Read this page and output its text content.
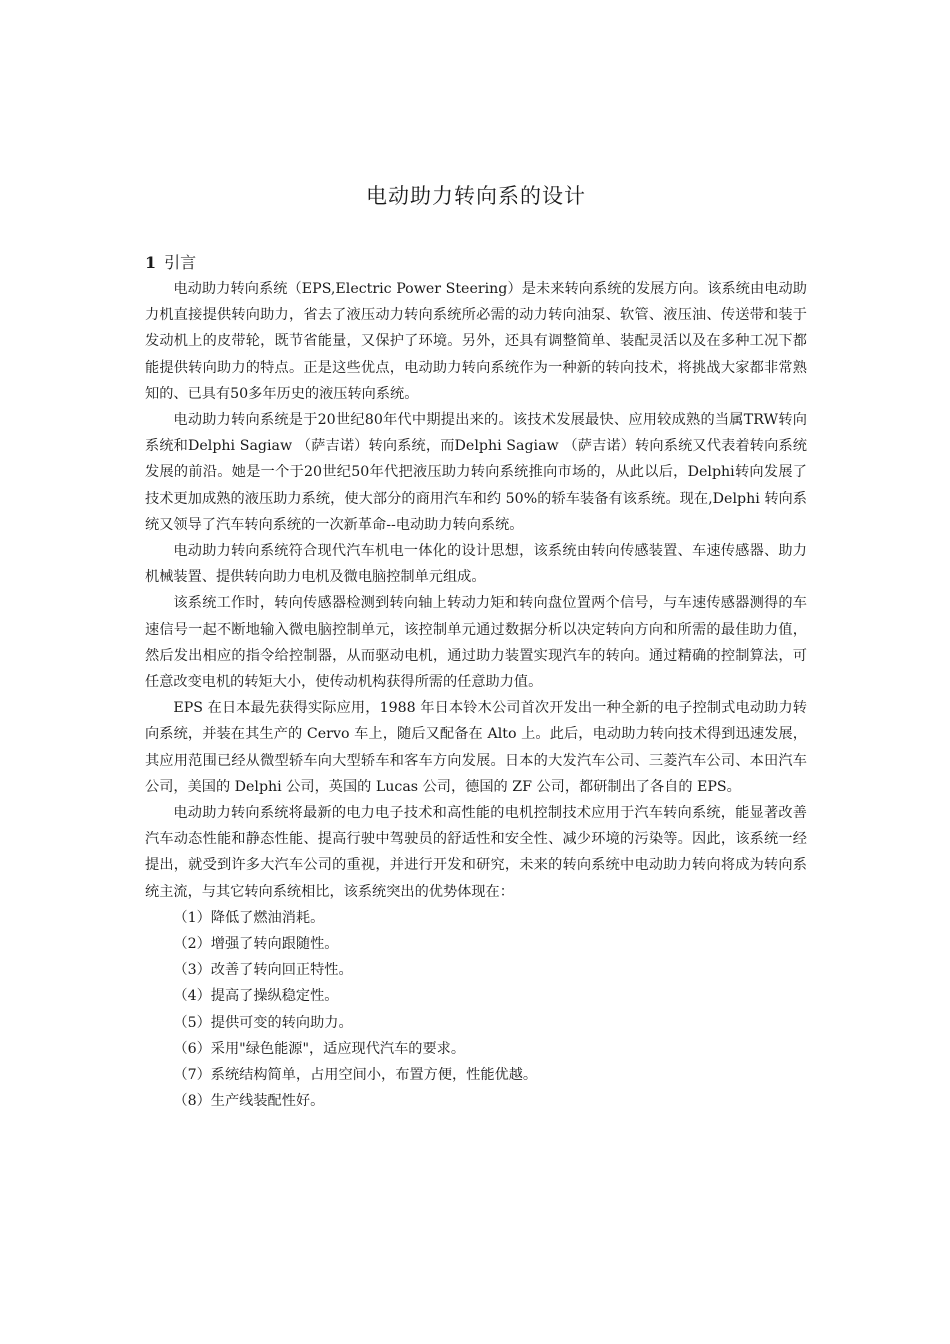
电动助力转向系的设计

1 引言

电动助力转向系统（EPS,Electric Power Steering）是未来转向系统的发展方向。该系统由电动助力机直接提供转向助力，省去了液压动力转向系统所必需的动力转向油泵、软管、液压油、传送带和装于发动机上的皮带轮，既节省能量，又保护了环境。另外，还具有调整简单、装配灵活以及在多种工况下都能提供转向助力的特点。正是这些优点，电动助力转向系统作为一种新的转向技术，将挑战大家都非常熟知的、已具有50多年历史的液压转向系统。

电动助力转向系统是于20世纪80年代中期提出来的。该技术发展最快、应用较成熟的当属TRW转向系统和Delphi Sagiaw （萨吉诺）转向系统，而Delphi Sagiaw （萨吉诺）转向系统又代表着转向系统发展的前沿。她是一个于20世纪50年代把液压助力转向系统推向市场的，从此以后，Delphi转向发展了技术更加成熟的液压助力系统，使大部分的商用汽车和约 50%的轿车装备有该系统。现在,Delphi 转向系统又领导了汽车转向系统的一次新革命--电动助力转向系统。

电动助力转向系统符合现代汽车机电一体化的设计思想，该系统由转向传感装置、车速传感器、助力机械装置、提供转向助力电机及微电脑控制单元组成。

该系统工作时，转向传感器检测到转向轴上转动力矩和转向盘位置两个信号，与车速传感器测得的车速信号一起不断地输入微电脑控制单元，该控制单元通过数据分析以决定转向方向和所需的最佳助力值，然后发出相应的指令给控制器，从而驱动电机，通过助力装置实现汽车的转向。通过精确的控制算法，可任意改变电机的转矩大小，使传动机构获得所需的任意助力值。

EPS 在日本最先获得实际应用，1988 年日本铃木公司首次开发出一种全新的电子控制式电动助力转向系统，并装在其生产的 Cervo 车上，随后又配备在 Alto 上。此后，电动助力转向技术得到迅速发展，其应用范围已经从微型轿车向大型轿车和客车方向发展。日本的大发汽车公司、三菱汽车公司、本田汽车公司，美国的 Delphi 公司，英国的 Lucas 公司，德国的 ZF 公司，都研制出了各自的 EPS。

电动助力转向系统将最新的电力电子技术和高性能的电机控制技术应用于汽车转向系统，能显著改善汽车动态性能和静态性能、提高行驶中驾驶员的舒适性和安全性、减少环境的污染等。因此，该系统一经提出，就受到许多大汽车公司的重视，并进行开发和研究，未来的转向系统中电动助力转向将成为转向系统主流，与其它转向系统相比，该系统突出的优势体现在：

（1）降低了燃油消耗。
（2）增强了转向跟随性。
（3）改善了转向回正特性。
（4）提高了操纵稳定性。
（5）提供可变的转向助力。
（6）采用"绿色能源"，适应现代汽车的要求。
（7）系统结构简单，占用空间小，布置方便，性能优越。
（8）生产线装配性好。
